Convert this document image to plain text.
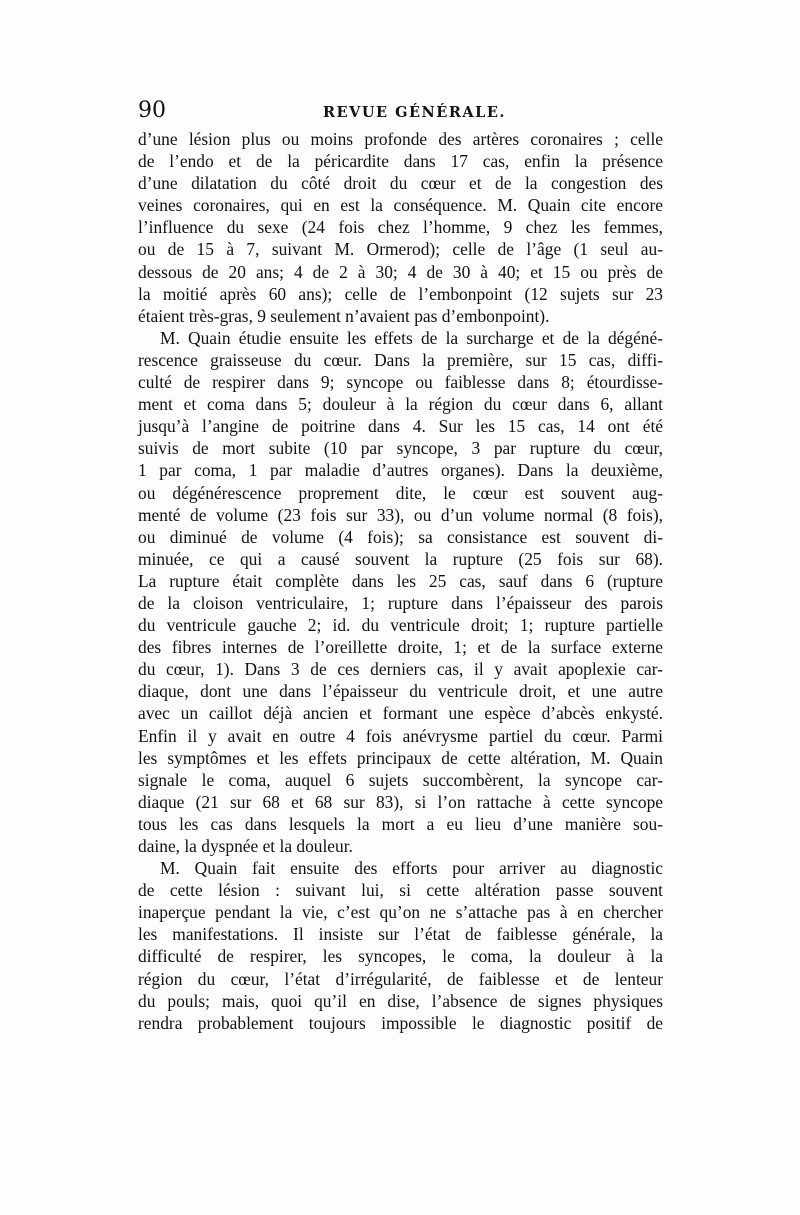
90	REVUE GÉNÉRALE.
d’une lésion plus ou moins profonde des artères coronaires ; celle
de l’endo et de la péricardite dans 17 cas, enfin la présence
d’une dilatation du côté droit du cœur et de la congestion des
veines coronaires, qui en est la conséquence. M. Quain cite encore
l’influence du sexe (24 fois chez l’homme, 9 chez les femmes,
ou de 15 à 7, suivant M. Ormerod); celle de l’âge (1 seul au-
dessous de 20 ans; 4 de 2 à 30; 4 de 30 à 40; et 15 ou près de
la moitié après 60 ans); celle de l’embonpoint (12 sujets sur 23
étaient très-gras, 9 seulement n’avaient pas d’embonpoint).
M. Quain étudie ensuite les effets de la surcharge et de la dégéné-
rescence graisseuse du cœur. Dans la première, sur 15 cas, diffi-
culté de respirer dans 9; syncope ou faiblesse dans 8; étourdisse-
ment et coma dans 5; douleur à la région du cœur dans 6, allant
jusqu’à l’angine de poitrine dans 4. Sur les 15 cas, 14 ont été
suivis de mort subite (10 par syncope, 3 par rupture du cœur,
1 par coma, 1 par maladie d’autres organes). Dans la deuxième,
ou dégénérescence proprement dite, le cœur est souvent aug-
menté de volume (23 fois sur 33), ou d’un volume normal (8 fois),
ou diminué de volume (4 fois); sa consistance est souvent di-
minuée, ce qui a causé souvent la rupture (25 fois sur 68).
La rupture était complète dans les 25 cas, sauf dans 6 (rupture
de la cloison ventriculaire, 1; rupture dans l’épaisseur des parois
du ventricule gauche 2; id. du ventricule droit; 1; rupture partielle
des fibres internes de l’oreillette droite, 1; et de la surface externe
du cœur, 1). Dans 3 de ces derniers cas, il y avait apoplexie car-
diaque, dont une dans l’épaisseur du ventricule droit, et une autre
avec un caillot déjà ancien et formant une espèce d’abcès enkysté.
Enfin il y avait en outre 4 fois anévrysme partiel du cœur. Parmi
les symptômes et les effets principaux de cette altération, M. Quain
signale le coma, auquel 6 sujets succombèrent, la syncope car-
diaque (21 sur 68 et 68 sur 83), si l’on rattache à cette syncope
tous les cas dans lesquels la mort a eu lieu d’une manière sou-
daine, la dyspnée et la douleur.
M. Quain fait ensuite des efforts pour arriver au diagnostic
de cette lésion : suivant lui, si cette altération passe souvent
inaperçue pendant la vie, c’est qu’on ne s’attache pas à en chercher
les manifestations. Il insiste sur l’état de faiblesse générale, la
difficulté de respirer, les syncopes, le coma, la douleur à la
région du cœur, l’état d’irrégularité, de faiblesse et de lenteur
du pouls; mais, quoi qu’il en dise, l’absence de signes physiques
rendra probablement toujours impossible le diagnostic positif de
